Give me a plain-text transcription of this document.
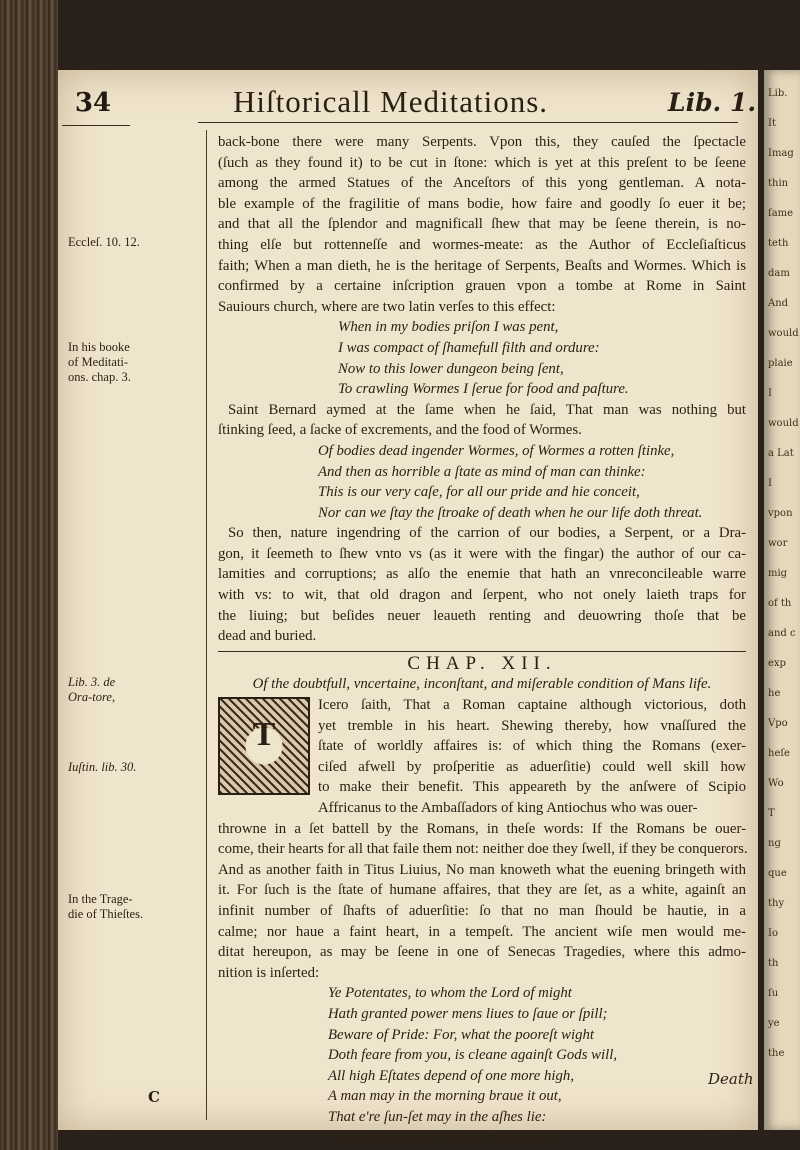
Lib.
It
Imag
thin
ſame
teth
dam
And
would
plaie
I
would
a Lat
I
vpon
wor
mig
of th
and c
exp
he
Vpo
heſe
Wo
T
ng
que
thy
Io
th
ſu
ye
the
34	Hiſtoricall Meditations.	Lib. 1.
Eccleſ. 10. 12.
In his booke of Meditati-ons. chap. 3.
Lib. 3. de Ora-tore,
Iuſtin. lib. 30.
In the Trage-die of Thieſtes.
back-bone there were many Serpents. Vpon this, they cauſed the ſpectacle
(ſuch as they found it) to be cut in ſtone: which is yet at this preſent to be ſeene
among the armed Statues of the Anceſtors of this yong gentleman. A nota-
ble example of the fragilitie of mans bodie, how faire and goodly ſo euer it be;
and that all the ſplendor and magnificall ſhew that may be ſeene therein, is no-
thing elſe but rottenneſſe and wormes-meate: as the Author of Eccleſiaſticus
faith; When a man dieth, he is the heritage of Serpents, Beaſts and Wormes. Which is
confirmed by a certaine inſcription grauen vpon a tombe at Rome in Saint
Sauiours church, where are two latin verſes to this effect:
When in my bodies priſon I was pent,
I was compact of ſhamefull filth and ordure:
Now to this lower dungeon being ſent,
To crawling Wormes I ſerue for food and paſture.
Saint Bernard aymed at the ſame when he ſaid, That man was nothing but
ſtinking ſeed, a ſacke of excrements, and the food of Wormes.
Of bodies dead ingender Wormes, of Wormes a rotten ſtinke,
And then as horrible a ſtate as mind of man can thinke:
This is our very caſe, for all our pride and hie conceit,
Nor can we ſtay the ſtroake of death when he our life doth threat.
So then, nature ingendring of the carrion of our bodies, a Serpent, or a Dra-
gon, it ſeemeth to ſhew vnto vs (as it were with the fingar) the author of our ca-
lamities and corruptions; as alſo the enemie that hath an vnreconcileable warre
with vs: to wit, that old dragon and ſerpent, who not onely laieth traps for
the liuing; but beſides neuer leaueth renting and deuowring thoſe that be
dead and buried.
CHAP. XII.
Of the doubtfull, vncertaine, inconſtant, and miſerable condition of Mans life.
T
Icero ſaith, That a Roman captaine although victorious, doth
yet tremble in his heart. Shewing thereby, how vnaſſured the
ſtate of worldly affaires is: of which thing the Romans (exer-
ciſed afwell by proſperitie as aduerſitie) could well skill how
to make their benefit. This appeareth by the anſwere of Scipio
Affricanus to the Ambaſſadors of king Antiochus who was ouer-
throwne in a ſet battell by the Romans, in theſe words: If the Romans be ouer-
come, their hearts for all that faile them not: neither doe they ſwell, if they be conquerors.
And as another faith in Titus Liuius, No man knoweth what the euening bringeth with
it. For ſuch is the ſtate of humane affaires, that they are ſet, as a white, againſt an
infinit number of ſhafts of aduerſitie: ſo that no man ſhould be hautie, in a
calme; nor haue a faint heart, in a tempeſt. The ancient wiſe men would me-
ditat hereupon, as may be ſeene in one of Senecas Tragedies, where this admo-
nition is inſerted:
Ye Potentates, to whom the Lord of might
Hath granted power mens liues to ſaue or ſpill;
Beware of Pride: For, what the pooreſt wight
Doth feare from you, is cleane againſt Gods will,
All high Eſtates depend of one more high,
A man may in the morning braue it out,
That e're ſun-ſet may in the aſhes lie:
So ſuddenly doe all things rolle about.
Death
C
